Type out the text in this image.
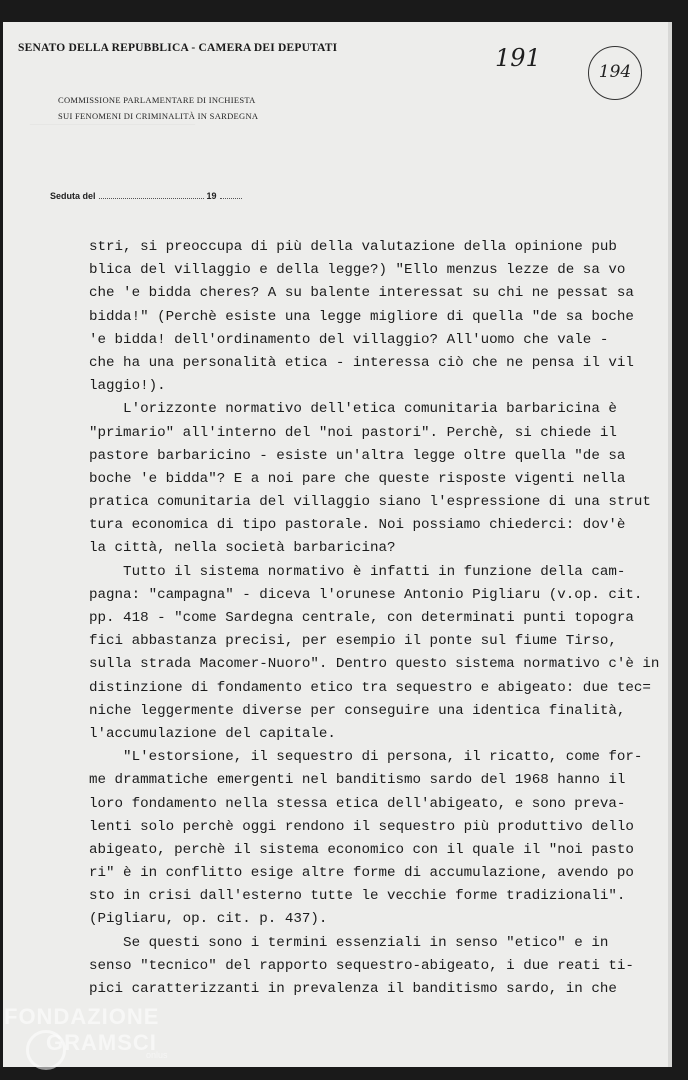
———————————————
SENATO DELLA REPUBBLICA - CAMERA DEI DEPUTATI
COMMISSIONE PARLAMENTARE DI INCHIESTA
SUI FENOMENI DI CRIMINALITÀ IN SARDEGNA
191	194
Seduta del	19
stri, si preoccupa di più della valutazione della opinione pub
blica del villaggio e della legge?) "Ello menzus lezze de sa vo
che 'e bidda cheres? A su balente interessat su chi ne pessat sa
bidda!" (Perchè esiste una legge migliore di quella "de sa boche
'e bidda! dell'ordinamento del villaggio? All'uomo che vale -
che ha una personalità etica - interessa ciò che ne pensa il vil
laggio!).
L'orizzonte normativo dell'etica comunitaria barbaricina è
"primario" all'interno del "noi pastori". Perchè, si chiede il
pastore barbaricino - esiste un'altra legge oltre quella "de sa
boche 'e bidda"? E a noi pare che queste risposte vigenti nella
pratica comunitaria del villaggio siano l'espressione di una strut
tura economica di tipo pastorale. Noi possiamo chiederci: dov'è
la città, nella società barbaricina?
Tutto il sistema normativo è infatti in funzione della cam-
pagna: "campagna" - diceva l'orunese Antonio Pigliaru (v.op. cit.
pp. 418 - "come Sardegna centrale, con determinati punti topogra
fici abbastanza precisi, per esempio il ponte sul fiume Tirso,
sulla strada Macomer-Nuoro". Dentro questo sistema normativo c'è in
distinzione di fondamento etico tra sequestro e abigeato: due tec=
niche leggermente diverse per conseguire una identica finalità,
l'accumulazione del capitale.
"L'estorsione, il sequestro di persona, il ricatto, come for-
me drammatiche emergenti nel banditismo sardo del 1968 hanno il
loro fondamento nella stessa etica dell'abigeato, e sono preva-
lenti solo perchè oggi rendono il sequestro più produttivo dello
abigeato, perchè il sistema economico con il quale il "noi pasto
ri" è in conflitto esige altre forme di accumulazione, avendo po
sto in crisi dall'esterno tutte le vecchie forme tradizionali".
(Pigliaru, op. cit. p. 437).
Se questi sono i termini essenziali in senso "etico" e in
senso "tecnico" del rapporto sequestro-abigeato, i due reati ti-
pici caratterizzanti in prevalenza il banditismo sardo, in che

FONDAZIONE
GRAMSCI
onlus
